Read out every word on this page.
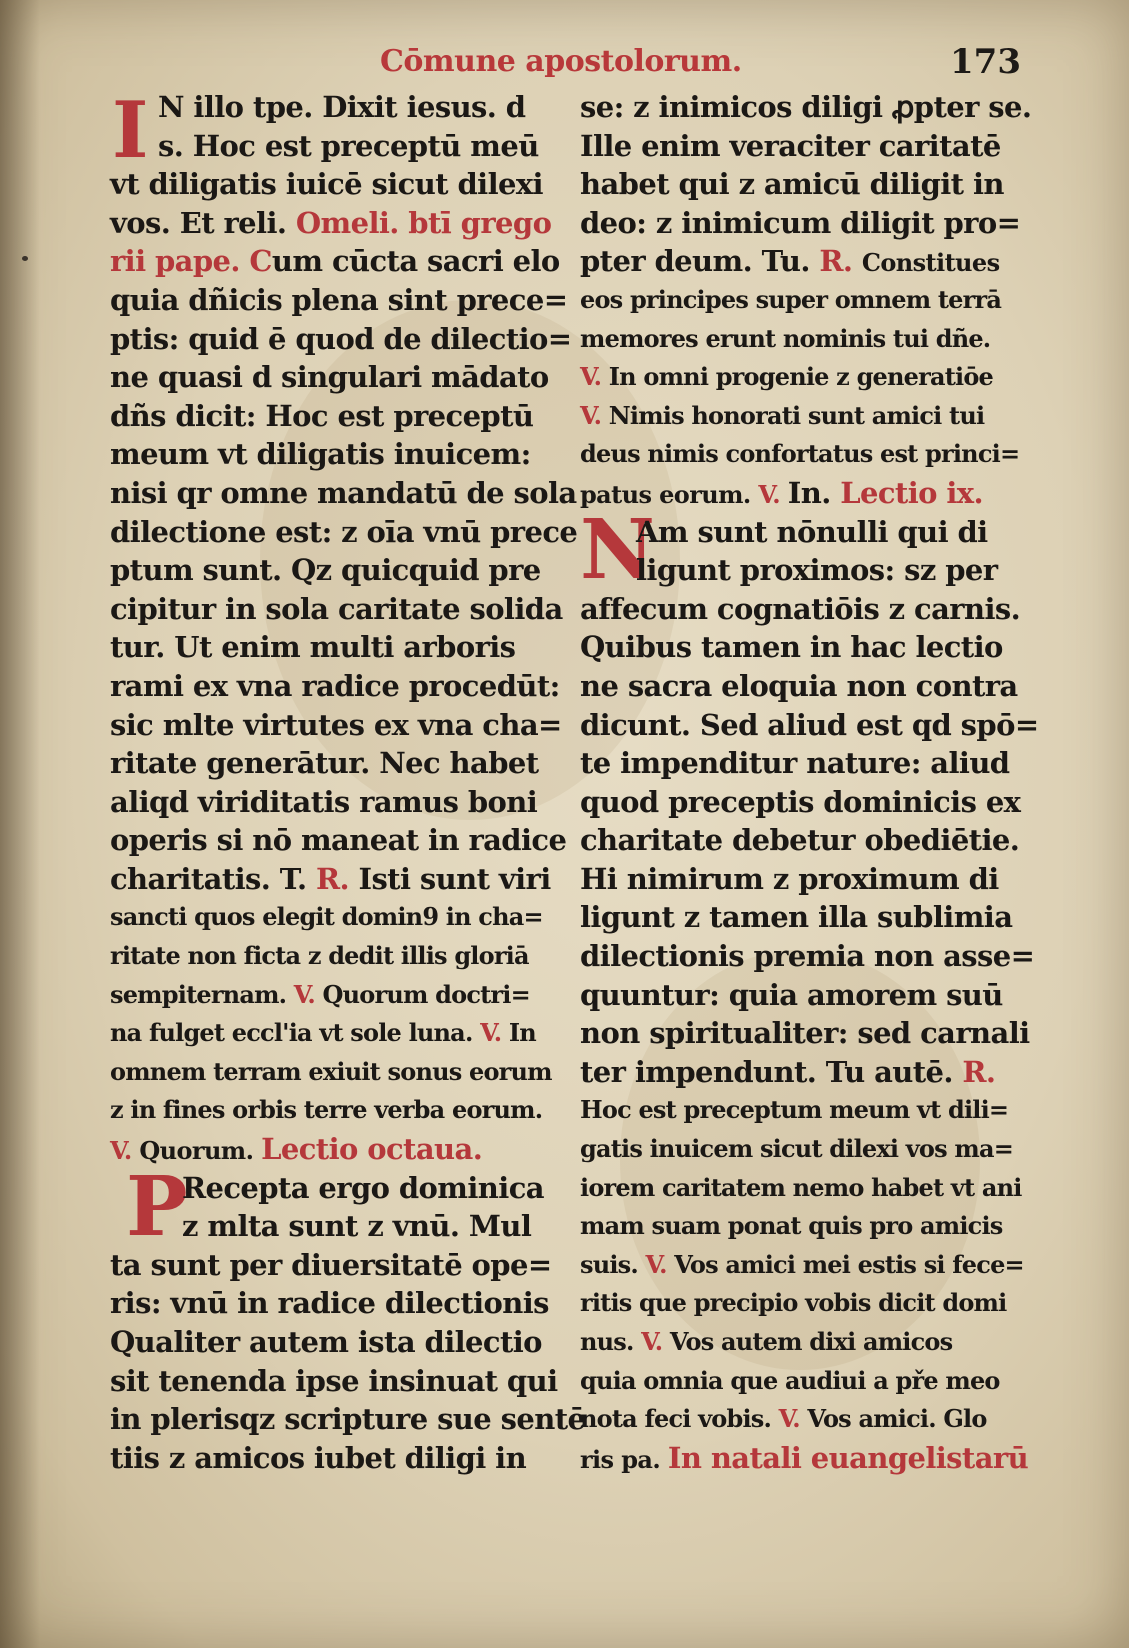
Cōmune apostolorum.	173
I
P
N
N illo tpe. Dixit iesus. d
s. Hoc est preceptū meū
vt diligatis iuicē sicut dilexi
vos. Et reli. Omeli. btī grego
rii pape. Cum cūcta sacri elo
quia dñicis plena sint prece=
ptis: quid ē quod de dilectio=
ne quasi d singulari mādato
dñs dicit: Hoc est preceptū
meum vt diligatis inuicem:
nisi qr omne mandatū de sola
dilectione est: z oīa vnū prece
ptum sunt. Qz quicquid pre
cipitur in sola caritate solida
tur. Ut enim multi arboris
rami ex vna radice procedūt:
sic mlte virtutes ex vna cha=
ritate generātur. Nec habet
aliqd viriditatis ramus boni
operis si nō maneat in radice
charitatis. T. R. Isti sunt viri
sancti quos elegit domin9 in cha=
ritate non ficta z dedit illis gloriā
sempiternam. V. Quorum doctri=
na fulget eccl'ia vt sole luna. V. In
omnem terram exiuit sonus eorum
z in fines orbis terre verba eorum.
V. Quorum. Lectio octaua.
Recepta ergo dominica
z mlta sunt z vnū. Mul
ta sunt per diuersitatē ope=
ris: vnū in radice dilectionis
Qualiter autem ista dilectio
sit tenenda ipse insinuat qui
in plerisqz scripture sue sentē
tiis z amicos iubet diligi in
se: z inimicos diligi ꝓpter se.
Ille enim veraciter caritatē
habet qui z amicū diligit in
deo: z inimicum diligit pro=
pter deum. Tu. R. Constitues
eos principes super omnem terrā
memores erunt nominis tui dñe.
V. In omni progenie z generatiōe
V. Nimis honorati sunt amici tui
deus nimis confortatus est princi=
patus eorum. V. In. Lectio ix.
Am sunt nōnulli qui di
ligunt proximos: sz per
affecum cognatiōis z carnis.
Quibus tamen in hac lectio
ne sacra eloquia non contra
dicunt. Sed aliud est qd spō=
te impenditur nature: aliud
quod preceptis dominicis ex
charitate debetur obediētie.
Hi nimirum z proximum di
ligunt z tamen illa sublimia
dilectionis premia non asse=
quuntur: quia amorem suū
non spiritualiter: sed carnali
ter impendunt. Tu autē. R.
Hoc est preceptum meum vt dili=
gatis inuicem sicut dilexi vos ma=
iorem caritatem nemo habet vt ani
mam suam ponat quis pro amicis
suis. V. Vos amici mei estis si fece=
ritis que precipio vobis dicit domi
nus. V. Vos autem dixi amicos
quia omnia que audiui a pře meo
nota feci vobis. V. Vos amici. Glo
ris pa. In natali euangelistarū
